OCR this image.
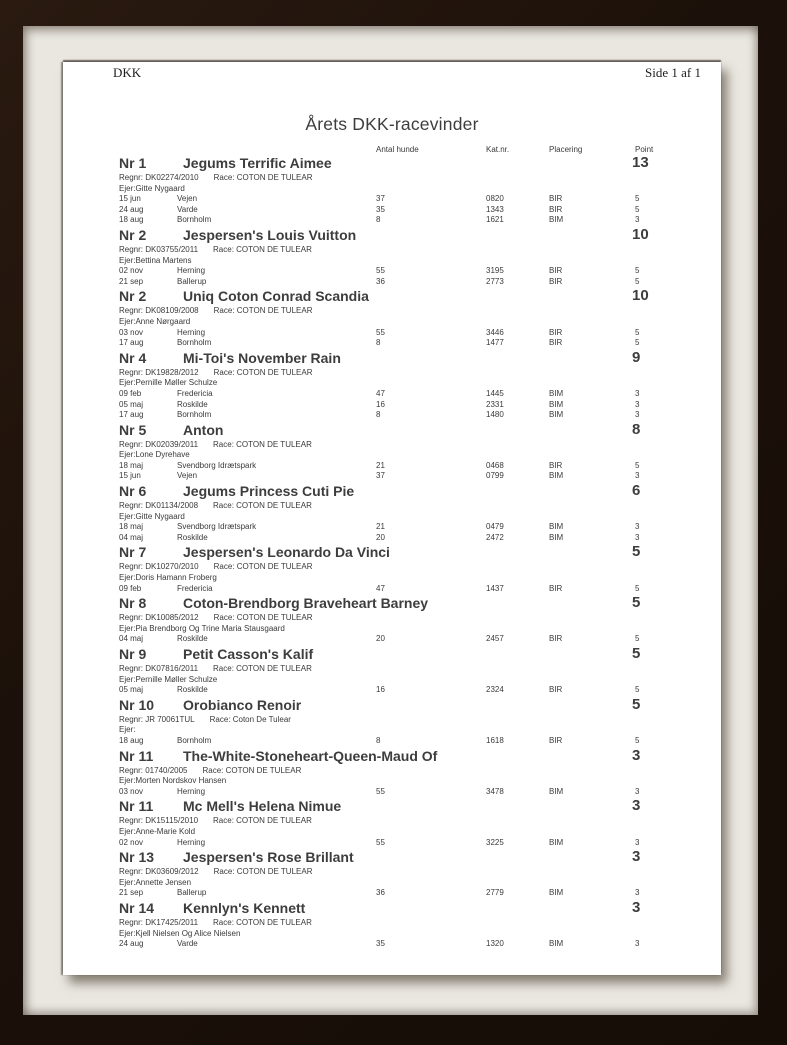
DKK	Side 1 af 1
Årets DKK-racevinder
Antal hunde	Kat.nr.	Placering	Point
Nr 1	Jegums Terrific Aimee	13
Regnr: DK02274/2010 Race: COTON DE TULEAR
Ejer:Gitte Nygaard
15 jun	Vejen	37	0820	BIR	5
24 aug	Varde	35	1343	BIR	5
18 aug	Bornholm	8	1621	BIM	3
Nr 2	Jespersen's Louis Vuitton	10
Regnr: DK03755/2011 Race: COTON DE TULEAR
Ejer:Bettina Martens
02 nov	Herning	55	3195	BIR	5
21 sep	Ballerup	36	2773	BIR	5
Nr 2	Uniq Coton Conrad Scandia	10
Regnr: DK08109/2008 Race: COTON DE TULEAR
Ejer:Anne Nørgaard
03 nov	Herning	55	3446	BIR	5
17 aug	Bornholm	8	1477	BIR	5
Nr 4	Mi-Toi's November Rain	9
Regnr: DK19828/2012 Race: COTON DE TULEAR
Ejer:Pernille Møller Schulze
09 feb	Fredericia	47	1445	BIM	3
05 maj	Roskilde	16	2331	BIM	3
17 aug	Bornholm	8	1480	BIM	3
Nr 5	Anton	8
Regnr: DK02039/2011 Race: COTON DE TULEAR
Ejer:Lone Dyrehave
18 maj	Svendborg Idrætspark	21	0468	BIR	5
15 jun	Vejen	37	0799	BIM	3
Nr 6	Jegums Princess Cuti Pie	6
Regnr: DK01134/2008 Race: COTON DE TULEAR
Ejer:Gitte Nygaard
18 maj	Svendborg Idrætspark	21	0479	BIM	3
04 maj	Roskilde	20	2472	BIM	3
Nr 7	Jespersen's Leonardo Da Vinci	5
Regnr: DK10270/2010 Race: COTON DE TULEAR
Ejer:Doris Hamann Froberg
09 feb	Fredericia	47	1437	BIR	5
Nr 8	Coton-Brendborg Braveheart Barney	5
Regnr: DK10085/2012 Race: COTON DE TULEAR
Ejer:Pia Brendborg Og Trine Maria Stausgaard
04 maj	Roskilde	20	2457	BIR	5
Nr 9	Petit Casson's Kalif	5
Regnr: DK07816/2011 Race: COTON DE TULEAR
Ejer:Pernille Møller Schulze
05 maj	Roskilde	16	2324	BIR	5
Nr 10	Orobianco Renoir	5
Regnr: JR 70061TUL Race: Coton De Tulear
Ejer:
18 aug	Bornholm	8	1618	BIR	5
Nr 11	The-White-Stoneheart-Queen-Maud Of	3
Regnr: 01740/2005 Race: COTON DE TULEAR
Ejer:Morten Nordskov Hansen
03 nov	Herning	55	3478	BIM	3
Nr 11	Mc Mell's Helena Nimue	3
Regnr: DK15115/2010 Race: COTON DE TULEAR
Ejer:Anne-Marie Kold
02 nov	Herning	55	3225	BIM	3
Nr 13	Jespersen's Rose Brillant	3
Regnr: DK03609/2012 Race: COTON DE TULEAR
Ejer:Annette Jensen
21 sep	Ballerup	36	2779	BIM	3
Nr 14	Kennlyn's Kennett	3
Regnr: DK17425/2011 Race: COTON DE TULEAR
Ejer:Kjell Nielsen Og Alice Nielsen
24 aug	Varde	35	1320	BIM	3
